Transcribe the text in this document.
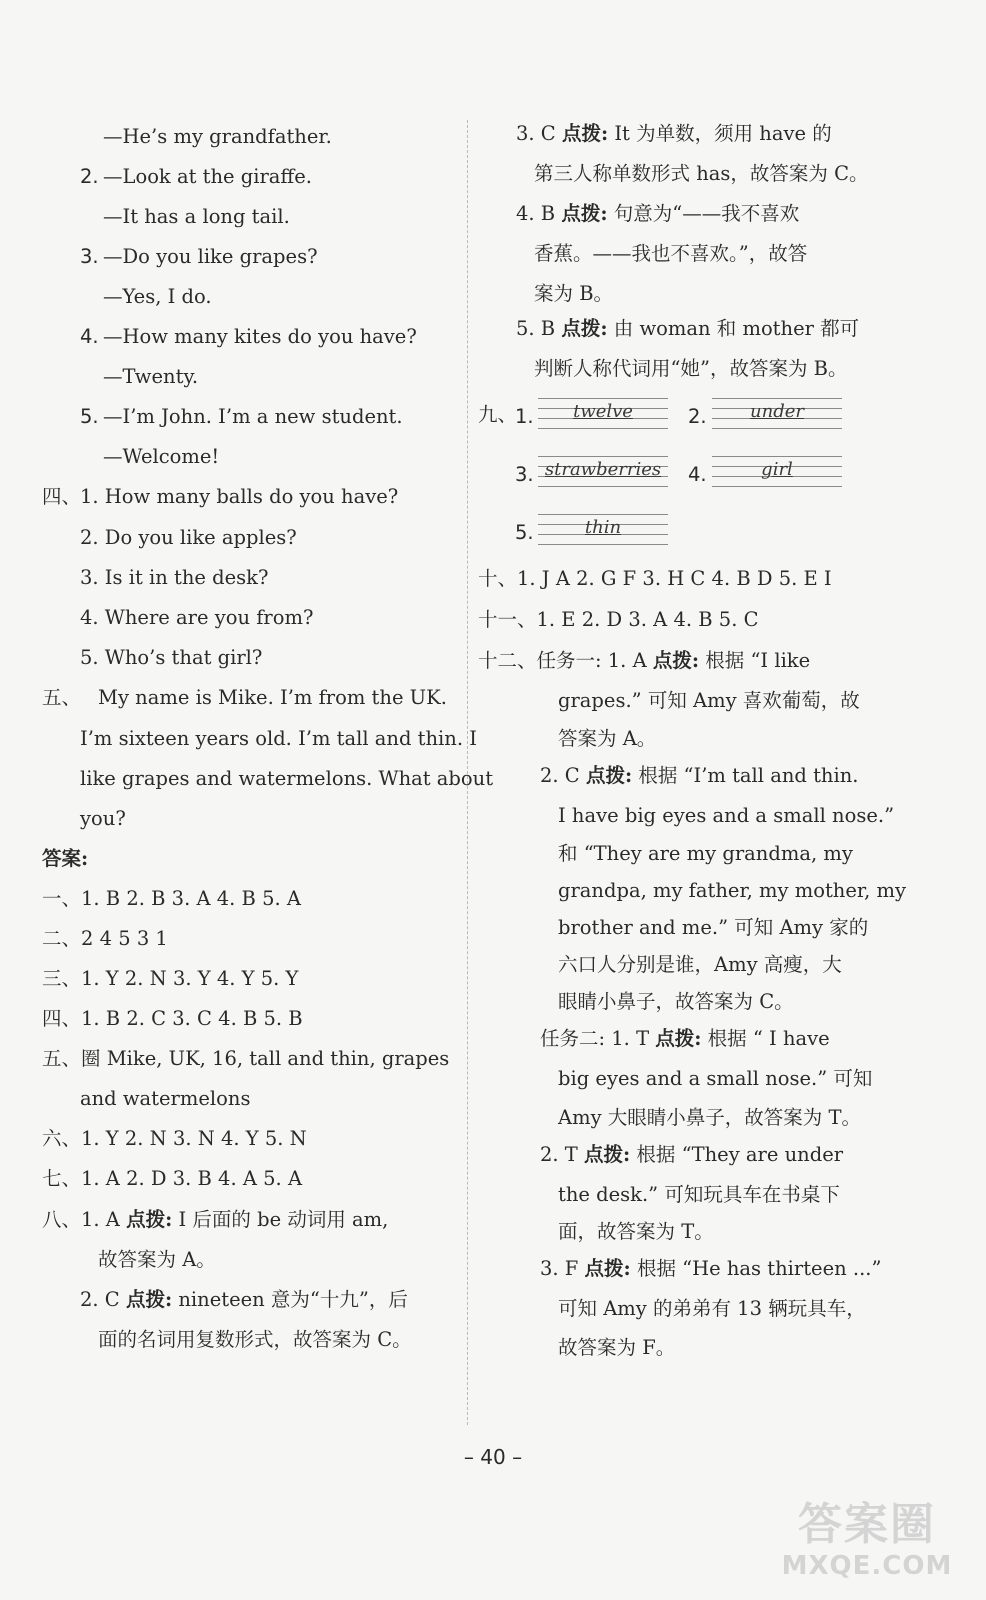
—He’s my grandfather.
2. —Look at the giraffe.
—It has a long tail.
3. —Do you like grapes?
—Yes, I do.
4. —How many kites do you have?
—Twenty.
5. —I’m John. I’m a new student.
—Welcome!
四、
1. How many balls do you have?
2. Do you like apples?
3. Is it in the desk?
4. Where are you from?
5. Who’s that girl?
五、 My name is Mike. I’m from the UK.
I’m sixteen years old. I’m tall and thin. I
like grapes and watermelons. What about
you?
答案:
一、1. B 2. B 3. A 4. B 5. A
二、2 4 5 3 1
三、1. Y 2. N 3. Y 4. Y 5. Y
四、1. B 2. C 3. C 4. B 5. B
五、圈 Mike, UK, 16, tall and thin, grapes
and watermelons
六、1. Y 2. N 3. N 4. Y 5. N
七、1. A 2. D 3. B 4. A 5. A
八、1. A 点拨: I 后面的 be 动词用 am,
故答案为 A。
2. C 点拨: nineteen 意为“十九”，后
面的名词用复数形式，故答案为 C。
3. C 点拨: It 为单数，须用 have 的
第三人称单数形式 has，故答案为 C。
4. B 点拨: 句意为“——我不喜欢
香蕉。——我也不喜欢。”，故答
案为 B。
5. B 点拨: 由 woman 和 mother 都可
判断人称代词用“她”，故答案为 B。
九、
1.	twelve	2.	under
3. strawberries	4.	girl
5.	thin
十、1. J A 2. G F 3. H C 4. B D 5. E I
十一、1. E 2. D 3. A 4. B 5. C
十二、任务一: 1. A 点拨: 根据 “I like
grapes.” 可知 Amy 喜欢葡萄，故
答案为 A。
2. C 点拨: 根据 “I’m tall and thin.
I have big eyes and a small nose.”
和 “They are my grandma, my
grandpa, my father, my mother, my
brother and me.” 可知 Amy 家的
六口人分别是谁，Amy 高瘦，大
眼睛小鼻子，故答案为 C。
任务二: 1. T 点拨: 根据 “ I have
big eyes and a small nose.” 可知
Amy 大眼睛小鼻子，故答案为 T。
2. T 点拨: 根据 “They are under
the desk.” 可知玩具车在书桌下
面，故答案为 T。
3. F 点拨: 根据 “He has thirteen ...”
可知 Amy 的弟弟有 13 辆玩具车，
故答案为 F。
– 40 –
答案圈
MXQE.COM
